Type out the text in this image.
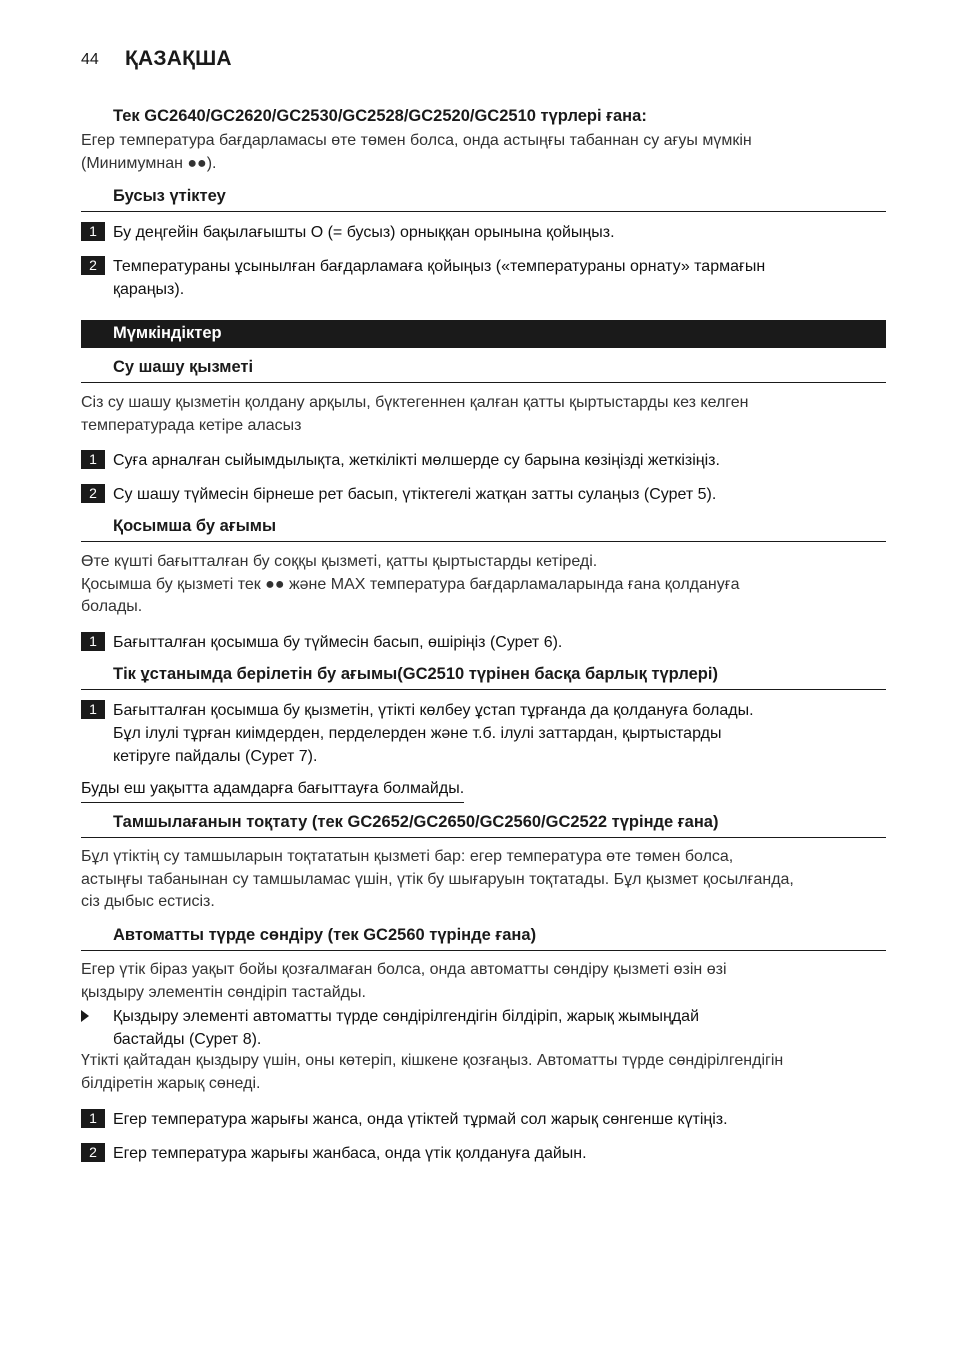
44 ҚАЗАҚША
Тек GC2640/GC2620/GC2530/GC2528/GC2520/GC2510 түрлері ғана:
Егер температура бағдарламасы өте төмен болса, онда астыңғы табаннан су ағуы мүмкін
(Минимумнан ●●).
Бусыз үтіктеу
1	Бу деңгейін бақылағышты O (= бусыз) орныққан орынына қойыңыз.
2	Температураны ұсынылған бағдарламаға қойыңыз («температураны орнату» тармағын
қараңыз).
Мүмкіндіктер
Су шашу қызметі
Сіз су шашу қызметін қолдану арқылы, бүктегеннен қалған қатты қыртыстарды кез келген
температурада кетіре аласыз
1	Суға арналған сыйымдылықта, жеткілікті мөлшерде су барына көзіңізді жеткізіңіз.
2	Су шашу түймесін бірнеше рет басып, үтіктегелі жатқан затты сулаңыз (Сурет 5).
Қосымша бу ағымы
Өте күшті бағытталған бу соққы қызметі, қатты қыртыстарды кетіреді.
Қосымша бу қызметі тек ●● және MAX температура бағдарламаларында ғана қолдануға
болады.
1	Бағытталған қосымша бу түймесін басып, өшіріңіз (Сурет 6).
Тік ұстанымда берілетін бу ағымы(GC2510 түрінен басқа барлық түрлері)
1	Бағытталған қосымша бу қызметін, үтікті көлбеу ұстап тұрғанда да қолдануға болады.
Бұл ілулі тұрған киімдерден, перделерден және т.б. ілулі заттардан, қыртыстарды
кетіруге пайдалы (Сурет 7).
Буды еш уақытта адамдарға бағыттауға болмайды.
Тамшылағанын тоқтату (тек GC2652/GC2650/GC2560/GC2522 түрінде ғана)
Бұл үтіктің су тамшыларын тоқтататын қызметі бар: егер температура өте төмен болса,
астыңғы табанынан су тамшыламас үшін, үтік бу шығаруын тоқтатады. Бұл қызмет қосылғанда,
сіз дыбыс естисіз.
Автоматты түрде сөндіру (тек GC2560 түрінде ғана)
Егер үтік біраз уақыт бойы қозғалмаған болса, онда автоматты сөндіру қызметі өзін өзі
қыздыру элементін сөндіріп тастайды.
Қыздыру элементі автоматты түрде сөндірілгендігін білдіріп, жарық жымыңдай
бастайды (Сурет 8).
Үтікті қайтадан қыздыру үшін, оны көтеріп, кішкене қозғаңыз. Автоматты түрде сөндірілгендігін
білдіретін жарық сөнеді.
1	Егер температура жарығы жанса, онда үтіктей тұрмай сол жарық сөнгенше күтіңіз.
2	Егер температура жарығы жанбаса, онда үтік қолдануға дайын.
